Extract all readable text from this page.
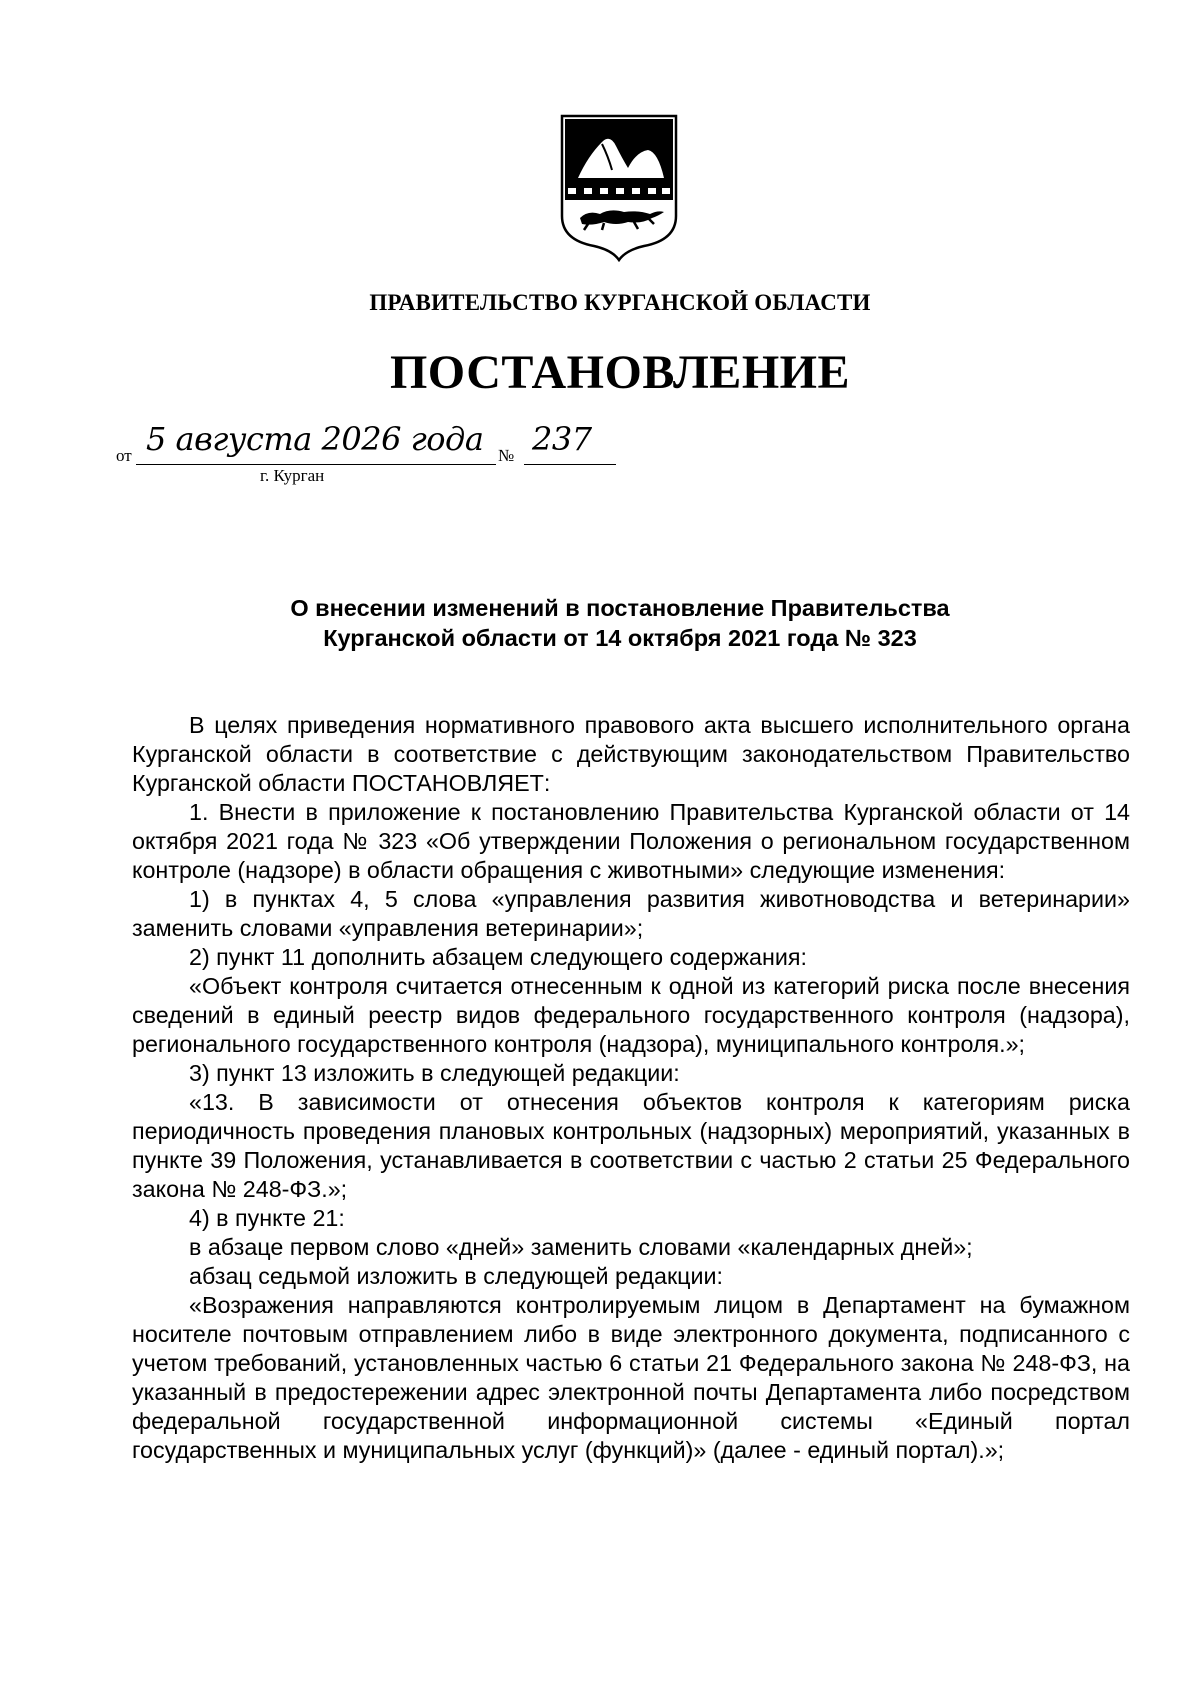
ПРАВИТЕЛЬСТВО КУРГАНСКОЙ ОБЛАСТИ
ПОСТАНОВЛЕНИЕ
от 5 августа 2026 года № 237
г. Курган
О внесении изменений в постановление Правительства
Курганской области от 14 октября 2021 года № 323

В целях приведения нормативного правового акта высшего исполнительного органа Курганской области в соответствие с действующим законодательством Правительство Курганской области ПОСТАНОВЛЯЕТ:

1. Внести в приложение к постановлению Правительства Курганской области от 14 октября 2021 года № 323 «Об утверждении Положения о региональном государственном контроле (надзоре) в области обращения с животными» следующие изменения:

1) в пунктах 4, 5 слова «управления развития животноводства и ветеринарии» заменить словами «управления ветеринарии»;

2) пункт 11 дополнить абзацем следующего содержания:

«Объект контроля считается отнесенным к одной из категорий риска после внесения сведений в единый реестр видов федерального государственного контроля (надзора), регионального государственного контроля (надзора), муниципального контроля.»;

3) пункт 13 изложить в следующей редакции:

«13. В зависимости от отнесения объектов контроля к категориям риска периодичность проведения плановых контрольных (надзорных) мероприятий, указанных в пункте 39 Положения, устанавливается в соответствии с частью 2 статьи 25 Федерального закона № 248-ФЗ.»;

4) в пункте 21:

в абзаце первом слово «дней» заменить словами «календарных дней»;

абзац седьмой изложить в следующей редакции:

«Возражения направляются контролируемым лицом в Департамент на бумажном носителе почтовым отправлением либо в виде электронного документа, подписанного с учетом требований, установленных частью 6 статьи 21 Федерального закона № 248-ФЗ, на указанный в предостережении адрес электронной почты Департамента либо посредством федеральной государственной информационной системы «Единый портал государственных и муниципальных услуг (функций)» (далее - единый портал).»;
